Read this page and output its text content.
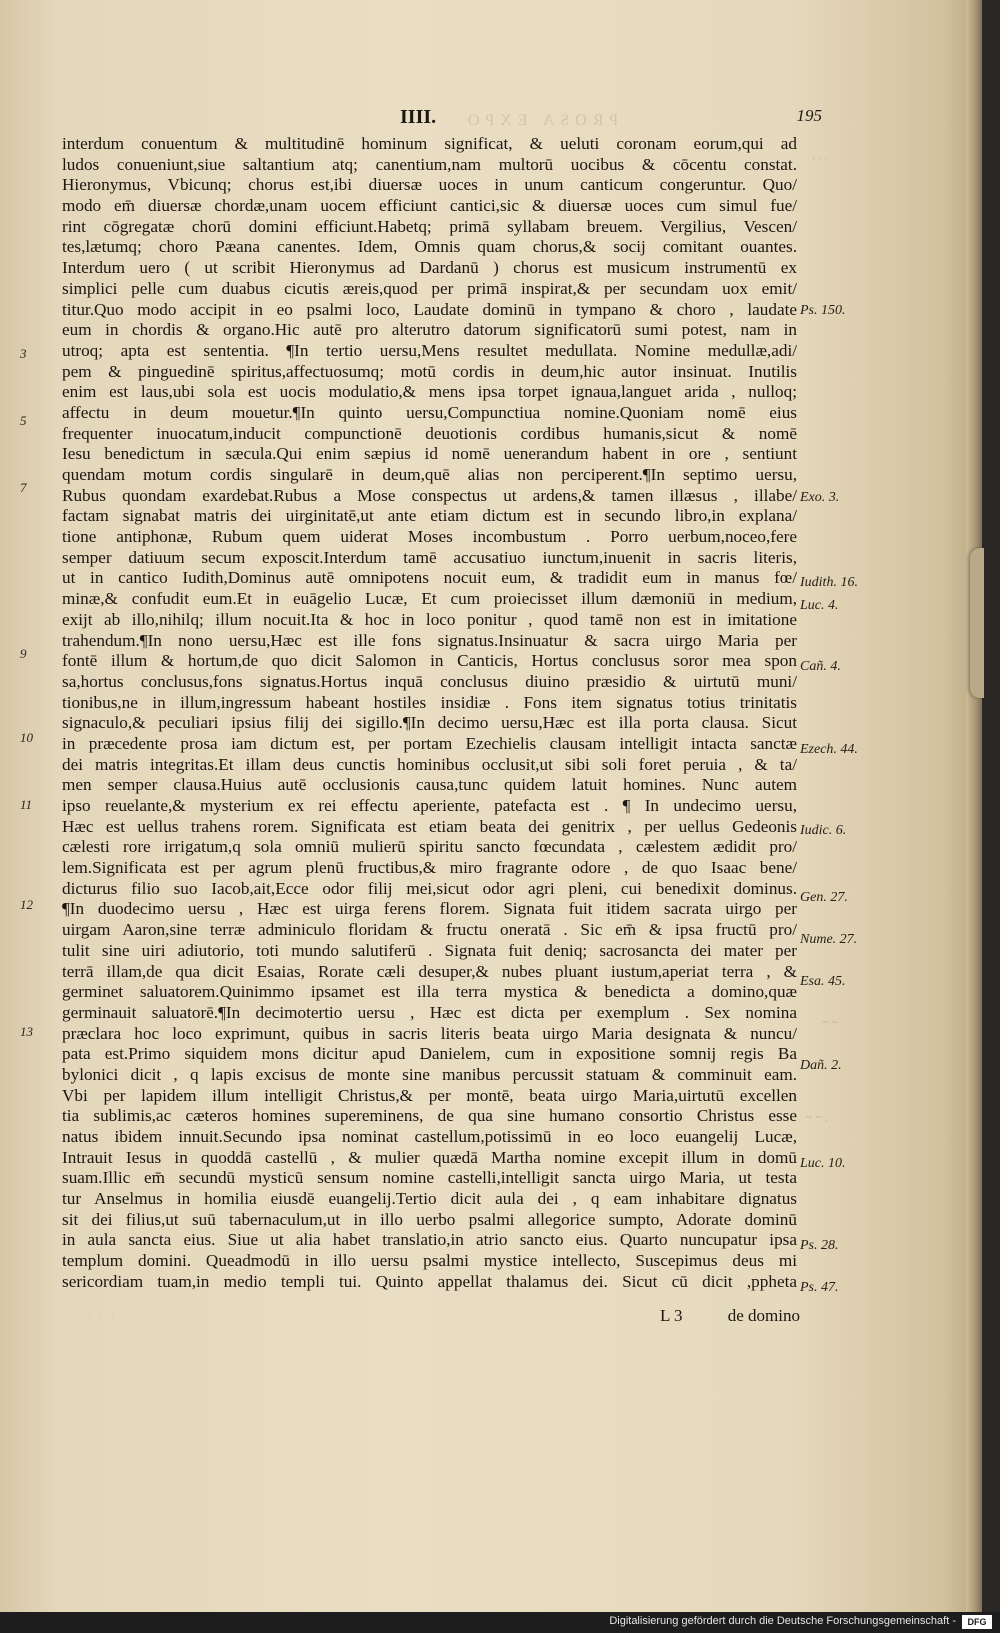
PROSA EXPO
IIII.	195
interdum conuentum & multitudinē hominum significat, & ueluti coronam eorum,qui ad
ludos conueniunt,siue saltantium atq; canentium,nam multorū uocibus & cōcentu constat.
Hieronymus, Vbicunq; chorus est,ibi diuersæ uoces in unum canticum congeruntur. Quo/
modo em̄ diuersæ chordæ,unam uocem efficiunt cantici,sic & diuersæ uoces cum simul fue/
rint cōgregatæ chorū domini efficiunt.Habetq; primā syllabam breuem. Vergilius, Vescen/
tes,lætumq; choro Pæana canentes. Idem, Omnis quam chorus,& socij comitant ouantes.
Interdum uero ( ut scribit Hieronymus ad Dardanū ) chorus est musicum instrumentū ex
simplici pelle cum duabus cicutis æreis,quod per primā inspirat,& per secundam uox emit/
titur.Quo modo accipit in eo psalmi loco, Laudate dominū in tympano & choro , laudate
eum in chordis & organo.Hic autē pro alterutro datorum significatorū sumi potest, nam in
utroq; apta est sententia. ¶In tertio uersu,Mens resultet medullata. Nomine medullæ,adi/
pem & pinguedinē spiritus,affectuosumq; motū cordis in deum,hic autor insinuat. Inutilis
enim est laus,ubi sola est uocis modulatio,& mens ipsa torpet ignaua,languet arida , nulloq;
affectu in deum mouetur.¶In quinto uersu,Compunctiua nomine.Quoniam nomē eius
frequenter inuocatum,inducit compunctionē deuotionis cordibus humanis,sicut & nomē
Iesu benedictum in sæcula.Qui enim sæpius id nomē uenerandum habent in ore , sentiunt
quendam motum cordis singularē in deum,quē alias non perciperent.¶In septimo uersu,
Rubus quondam exardebat.Rubus a Mose conspectus ut ardens,& tamen illæsus , illabe/
factam signabat matris dei uirginitatē,ut ante etiam dictum est in secundo libro,in explana/
tione antiphonæ, Rubum quem uiderat Moses incombustum . Porro uerbum,noceo,fere
semper datiuum secum exposcit.Interdum tamē accusatiuo iunctum,inuenit in sacris literis,
ut in cantico Iudith,Dominus autē omnipotens nocuit eum, & tradidit eum in manus fœ/
minæ,& confudit eum.Et in euāgelio Lucæ, Et cum proiecisset illum dæmoniū in medium,
exijt ab illo,nihilq; illum nocuit.Ita & hoc in loco ponitur , quod tamē non est in imitatione
trahendum.¶In nono uersu,Hæc est ille fons signatus.Insinuatur & sacra uirgo Maria per
fontē illum & hortum,de quo dicit Salomon in Canticis, Hortus conclusus soror mea spon
sa,hortus conclusus,fons signatus.Hortus inquā conclusus diuino præsidio & uirtutū muni/
tionibus,ne in illum,ingressum habeant hostiles insidiæ . Fons item signatus totius trinitatis
signaculo,& peculiari ipsius filij dei sigillo.¶In decimo uersu,Hæc est illa porta clausa. Sicut
in præcedente prosa iam dictum est, per portam Ezechielis clausam intelligit intacta sanctæ
dei matris integritas.Et illam deus cunctis hominibus occlusit,ut sibi soli foret peruia , & ta/
men semper clausa.Huius autē occlusionis causa,tunc quidem latuit homines. Nunc autem
ipso reuelante,& mysterium ex rei effectu aperiente, patefacta est . ¶ In undecimo uersu,
Hæc est uellus trahens rorem. Significata est etiam beata dei genitrix , per uellus Gedeonis
cælesti rore irrigatum,q sola omniū mulierū spiritu sancto fœcundata , cælestem ædidit pro/
lem.Significata est per agrum plenū fructibus,& miro fragrante odore , de quo Isaac bene/
dicturus filio suo Iacob,ait,Ecce odor filij mei,sicut odor agri pleni, cui benedixit dominus.
¶In duodecimo uersu , Hæc est uirga ferens florem. Signata fuit itidem sacrata uirgo per
uirgam Aaron,sine terræ adminiculo floridam & fructu oneratā . Sic em̄ & ipsa fructū pro/
tulit sine uiri adiutorio, toti mundo salutiferū . Signata fuit deniq; sacrosancta dei mater per
terrā illam,de qua dicit Esaias, Rorate cæli desuper,& nubes pluant iustum,aperiat terra , &
germinet saluatorem.Quinimmo ipsamet est illa terra mystica & benedicta a domino,quæ
germinauit saluatorē.¶In decimotertio uersu , Hæc est dicta per exemplum . Sex nomina
præclara hoc loco exprimunt, quibus in sacris literis beata uirgo Maria designata & nuncu/
pata est.Primo siquidem mons dicitur apud Danielem, cum in expositione somnij regis Ba
bylonici dicit , q lapis excisus de monte sine manibus percussit statuam & comminuit eam.
Vbi per lapidem illum intelligit Christus,& per montē, beata uirgo Maria,uirtutū excellen
tia sublimis,ac cæteros homines supereminens, de qua sine humano consortio Christus esse
natus ibidem innuit.Secundo ipsa nominat castellum,potissimū in eo loco euangelij Lucæ,
Intrauit Iesus in quoddā castellū , & mulier quædā Martha nomine excepit illum in domū
suam.Illic em̄ secundū mysticū sensum nomine castelli,intelligit sancta uirgo Maria, ut testa
tur Anselmus in homilia eiusdē euangelij.Tertio dicit aula dei , q eam inhabitare dignatus
sit dei filius,ut suū tabernaculum,ut in illo uerbo psalmi allegorice sumpto, Adorate dominū
in aula sancta eius. Siue ut alia habet translatio,in atrio sancto eius. Quarto nuncupatur ipsa
templum domini. Queadmodū in illo uersu psalmi mystice intellecto, Suscepimus deus mi
sericordiam tuam,in medio templi tui. Quinto appellat thalamus dei. Sicut cū dicit ,ppheta
3
5
7
9
10
11
12
13
Ps. 150.
Exo. 3.
Iudith. 16.
Luc. 4.
Cañ. 4.
Ezech. 44.
Iudic. 6.
Gen. 27.
Nume. 27.
Esa. 45.
Dañ. 2.
Luc. 10.
Ps. 28.
Ps. 47.
. . .
~ ~
~ ~ .
· · · · ·	L 3	de domino
Digitalisierung gefördert durch die Deutsche Forschungsgemeinschaft -	DFG
